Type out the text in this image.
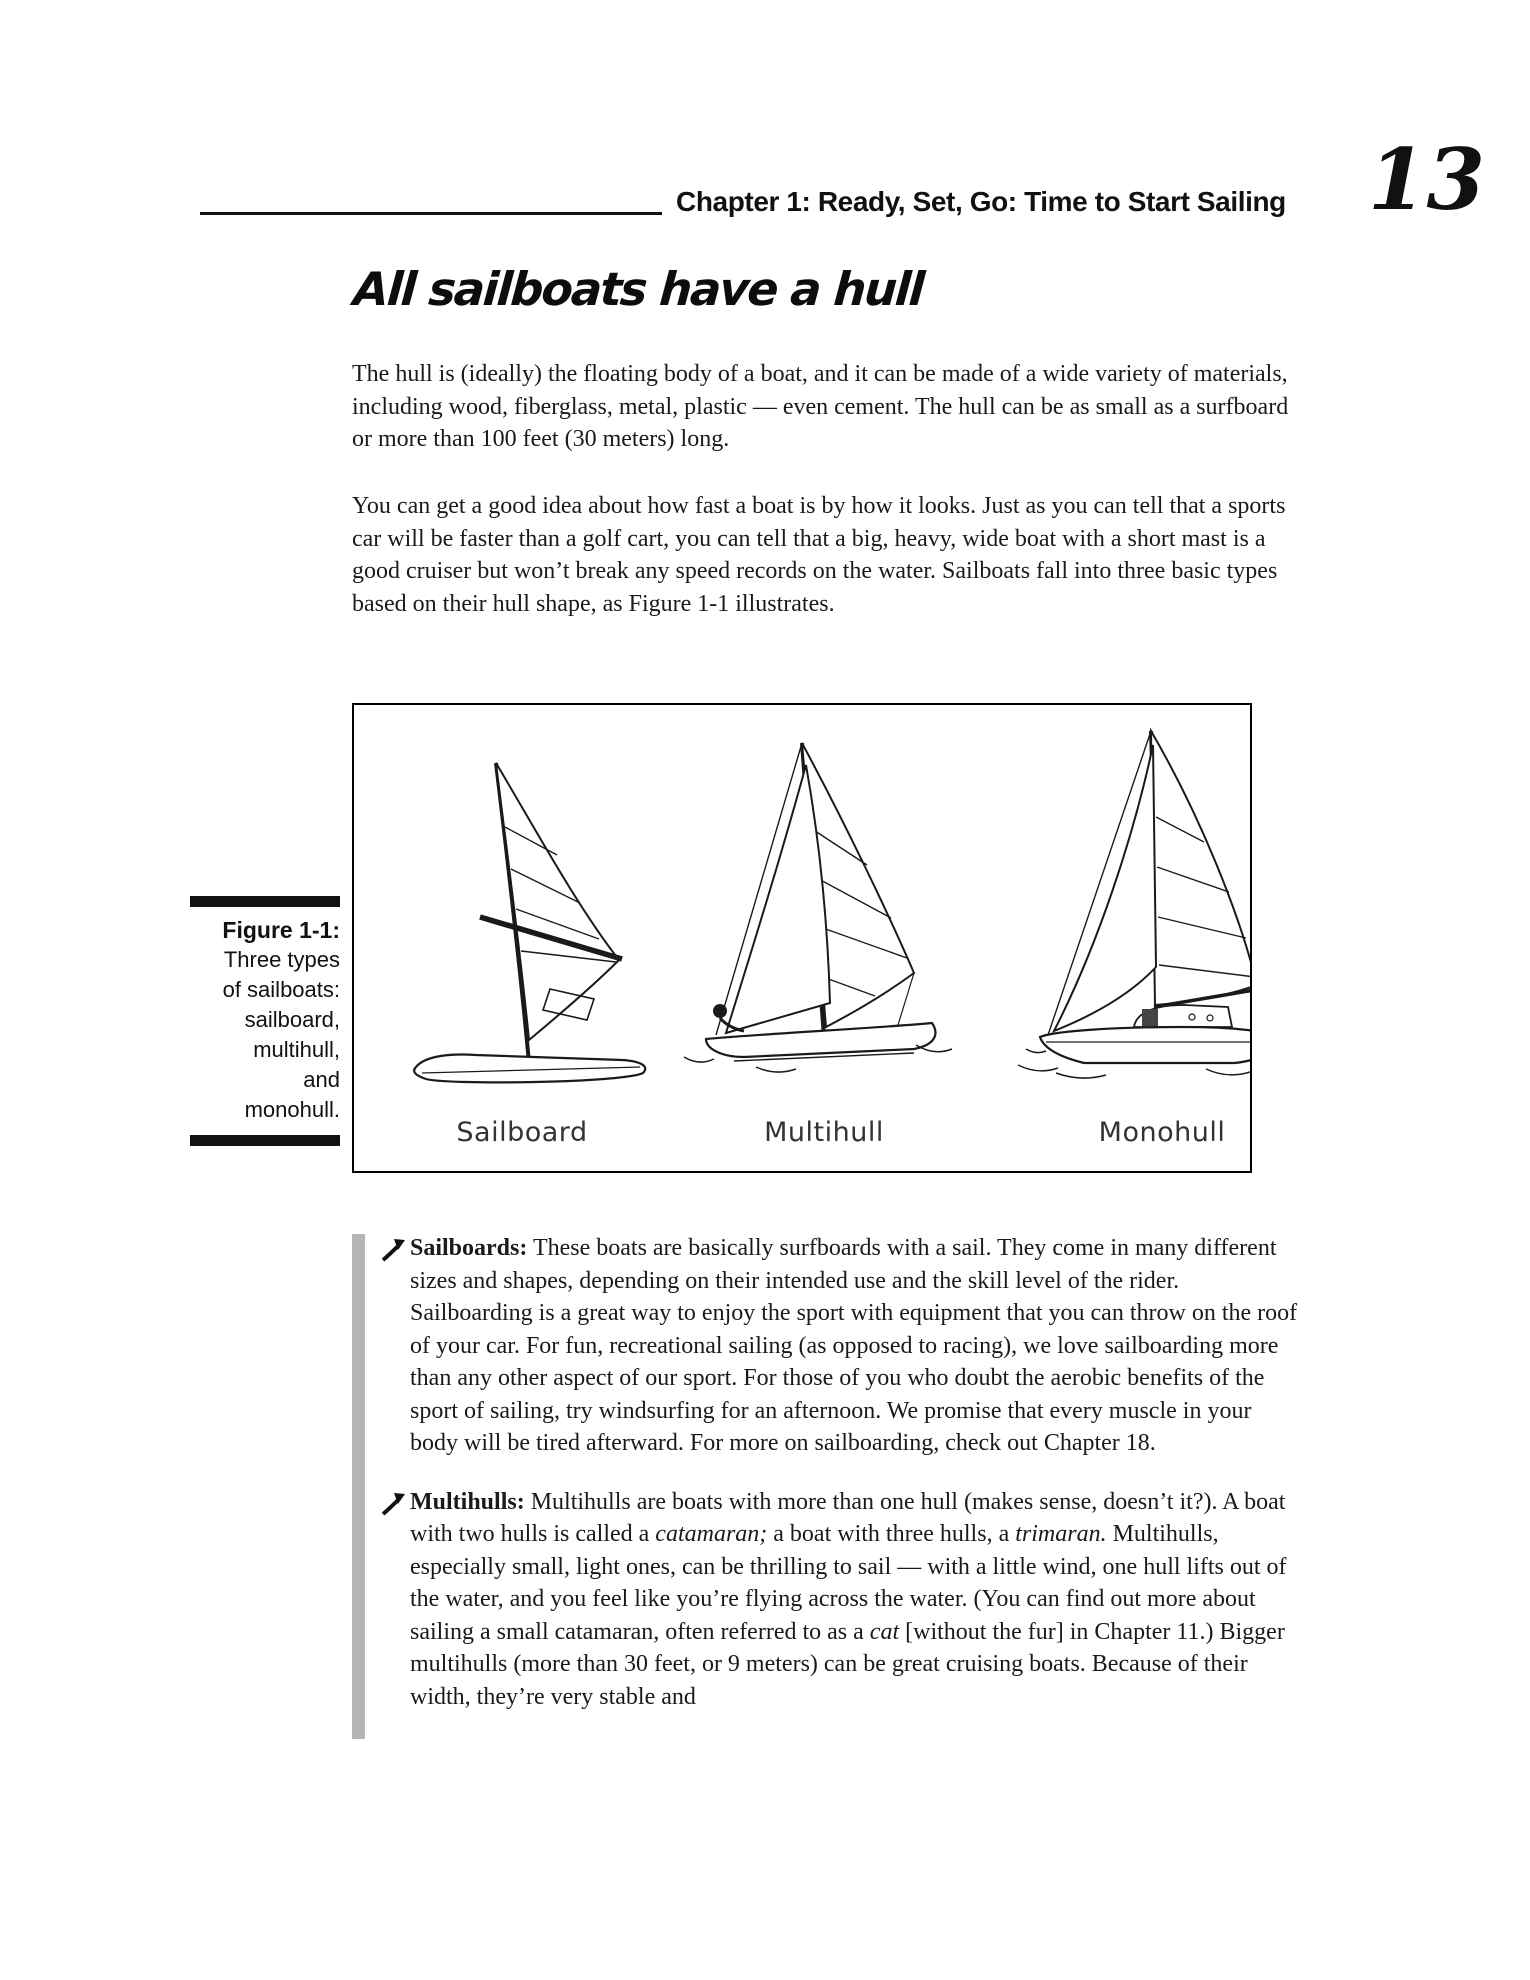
Chapter 1: Ready, Set, Go: Time to Start Sailing 13
All sailboats have a hull

The hull is (ideally) the floating body of a boat, and it can be made of a wide variety of materials, including wood, fiberglass, metal, plastic — even cement. The hull can be as small as a surfboard or more than 100 feet (30 meters) long.

You can get a good idea about how fast a boat is by how it looks. Just as you can tell that a sports car will be faster than a golf cart, you can tell that a big, heavy, wide boat with a short mast is a good cruiser but won’t break any speed records on the water. Sailboats fall into three basic types based on their hull shape, as Figure 1-1 illustrates.

Figure 1-1:
Three types
of sailboats:
sailboard,
multihull,
and
monohull.
Sailboard	Multihull	Monohull

Sailboards: These boats are basically surfboards with a sail. They come in many different sizes and shapes, depending on their intended use and the skill level of the rider. Sailboarding is a great way to enjoy the sport with equipment that you can throw on the roof of your car. For fun, recreational sailing (as opposed to racing), we love sailboarding more than any other aspect of our sport. For those of you who doubt the aerobic benefits of the sport of sailing, try windsurfing for an afternoon. We promise that every muscle in your body will be tired afterward. For more on sailboarding, check out Chapter 18.

Multihulls: Multihulls are boats with more than one hull (makes sense, doesn’t it?). A boat with two hulls is called a catamaran; a boat with three hulls, a trimaran. Multihulls, especially small, light ones, can be thrilling to sail — with a little wind, one hull lifts out of the water, and you feel like you’re flying across the water. (You can find out more about sailing a small catamaran, often referred to as a cat [without the fur] in Chapter 11.) Bigger multihulls (more than 30 feet, or 9 meters) can be great cruising boats. Because of their width, they’re very stable and
